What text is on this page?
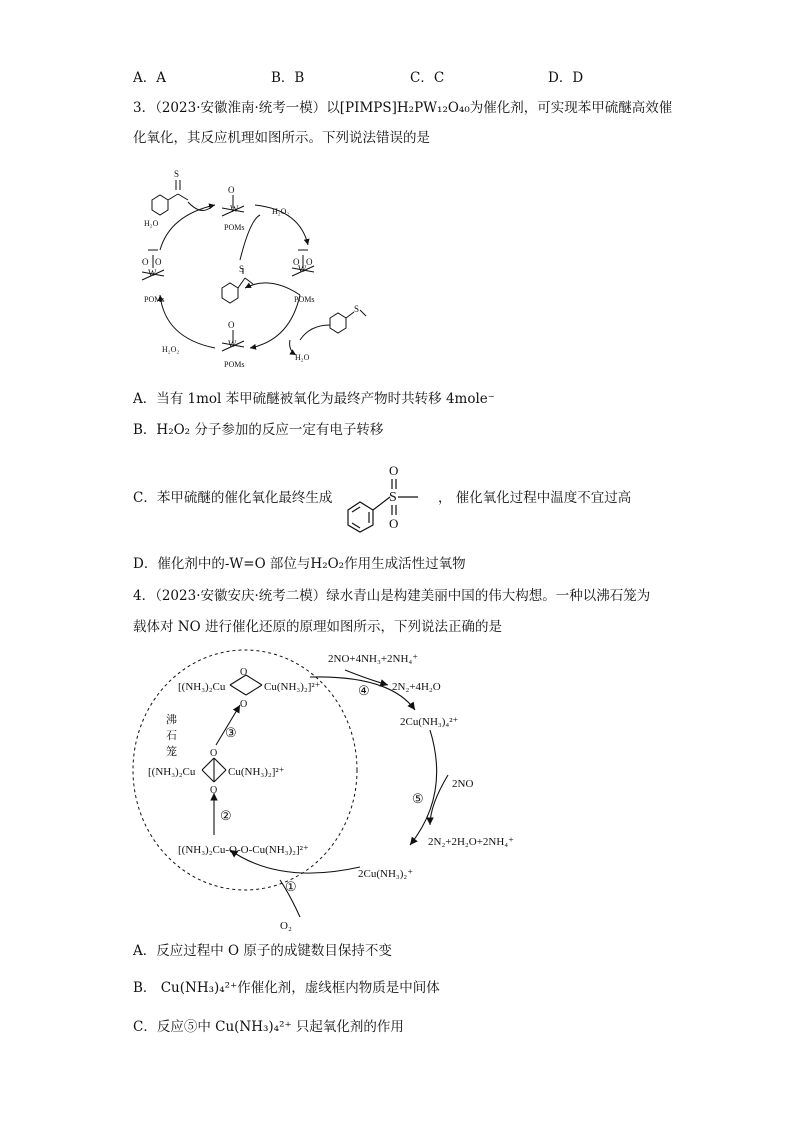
A．A	B．B	C．C	D．D
3．（2023·安徽淮南·统考一模）以[PIMPS]H₂PW₁₂O₄₀为催化剂，可实现苯甲硫醚高效催
化氧化，其反应机理如图所示。下列说法错误的是
W
O
POMs
W
O O
POMs
W
O O
POMs
W
O
POMs
S
S
S
H₂O
H₂O₂
H₂O₂
H₂O
A．当有 1mol 苯甲硫醚被氧化为最终产物时共转移 4mole⁻
B．H₂O₂ 分子参加的反应一定有电子转移
C．苯甲硫醚的催化氧化最终生成	S
O
O
， 催化氧化过程中温度不宜过高
D．催化剂中的-W=O 部位与H₂O₂作用生成活性过氧物
4．（2023·安徽安庆·统考二模）绿水青山是构建美丽中国的伟大构想。一种以沸石笼为
载体对 NO 进行催化还原的原理如图所示，下列说法正确的是
[(NH₃)₂Cu
O
O
Cu(NH₃)₂]²⁺
[(NH₃)₂Cu
O
O
Cu(NH₃)₂]²⁺
[(NH₃)₂Cu-O-O-Cu(NH₃)₂]²⁺
沸
石
笼
③
②
①
④
⑤
2NO+4NH₃+2NH₄⁺
2N₂+4H₂O
2Cu(NH₃)₄²⁺
2NO
2N₂+2H₂O+2NH₄⁺
2Cu(NH₃)₂⁺
O₂
A．反应过程中 O 原子的成键数目保持不变
B． Cu(NH₃)₄²⁺作催化剂，虚线框内物质是中间体
C．反应⑤中 Cu(NH₃)₄²⁺ 只起氧化剂的作用
